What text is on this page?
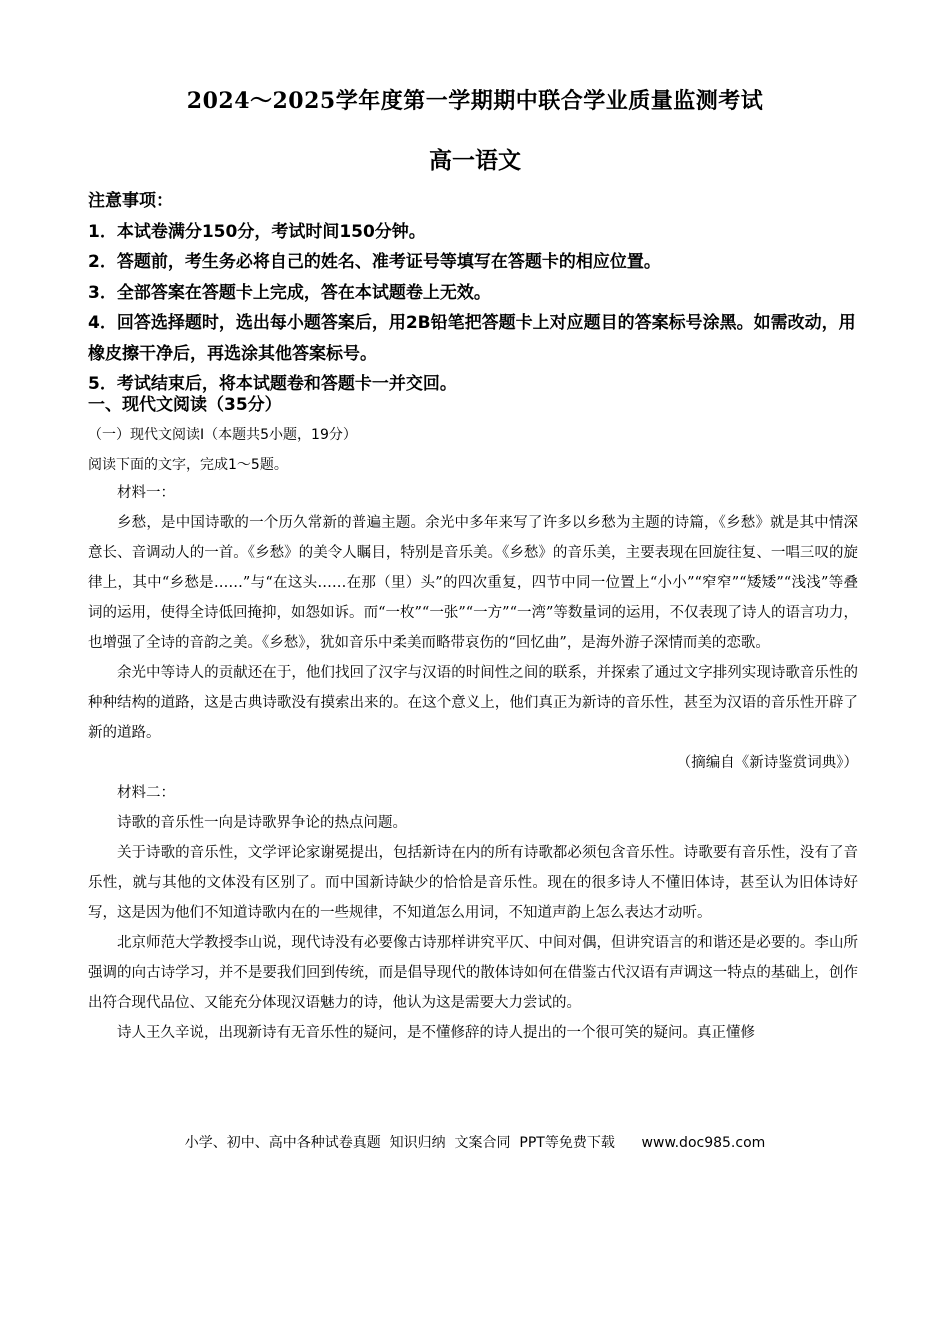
2024～2025学年度第一学期期中联合学业质量监测考试
高一语文

注意事项：

1．本试卷满分150分，考试时间150分钟。

2．答题前，考生务必将自己的姓名、准考证号等填写在答题卡的相应位置。

3．全部答案在答题卡上完成，答在本试题卷上无效。

4．回答选择题时，选出每小题答案后，用2B铅笔把答题卡上对应题目的答案标号涂黑。如需改动，用橡皮擦干净后，再选涂其他答案标号。

5．考试结束后，将本试题卷和答题卡一并交回。

一、现代文阅读（35分）
（一）现代文阅读Ⅰ（本题共5小题，19分）
阅读下面的文字，完成1～5题。

材料一：

乡愁，是中国诗歌的一个历久常新的普遍主题。余光中多年来写了许多以乡愁为主题的诗篇，《乡愁》就是其中情深意长、音调动人的一首。《乡愁》的美令人瞩目，特别是音乐美。《乡愁》的音乐美，主要表现在回旋往复、一唱三叹的旋律上，其中“乡愁是……”与“在这头……在那（里）头”的四次重复，四节中同一位置上“小小”“窄窄”“矮矮”“浅浅”等叠词的运用，使得全诗低回掩抑，如怨如诉。而“一枚”“一张”“一方”“一湾”等数量词的运用，不仅表现了诗人的语言功力，也增强了全诗的音韵之美。《乡愁》，犹如音乐中柔美而略带哀伤的“回忆曲”，是海外游子深情而美的恋歌。

余光中等诗人的贡献还在于，他们找回了汉字与汉语的时间性之间的联系，并探索了通过文字排列实现诗歌音乐性的种种结构的道路，这是古典诗歌没有摸索出来的。在这个意义上，他们真正为新诗的音乐性，甚至为汉语的音乐性开辟了新的道路。

（摘编自《新诗鉴赏词典》）

材料二：

诗歌的音乐性一向是诗歌界争论的热点问题。

关于诗歌的音乐性，文学评论家谢冕提出，包括新诗在内的所有诗歌都必须包含音乐性。诗歌要有音乐性，没有了音乐性，就与其他的文体没有区别了。而中国新诗缺少的恰恰是音乐性。现在的很多诗人不懂旧体诗，甚至认为旧体诗好写，这是因为他们不知道诗歌内在的一些规律，不知道怎么用词，不知道声韵上怎么表达才动听。

北京师范大学教授李山说，现代诗没有必要像古诗那样讲究平仄、中间对偶，但讲究语言的和谐还是必要的。李山所强调的向古诗学习，并不是要我们回到传统，而是倡导现代的散体诗如何在借鉴古代汉语有声调这一特点的基础上，创作出符合现代品位、又能充分体现汉语魅力的诗，他认为这是需要大力尝试的。

诗人王久辛说，出现新诗有无音乐性的疑问，是不懂修辞的诗人提出的一个很可笑的疑问。真正懂修

小学、初中、高中各种试卷真题  知识归纳  文案合同  PPT等免费下载      www.doc985.com
